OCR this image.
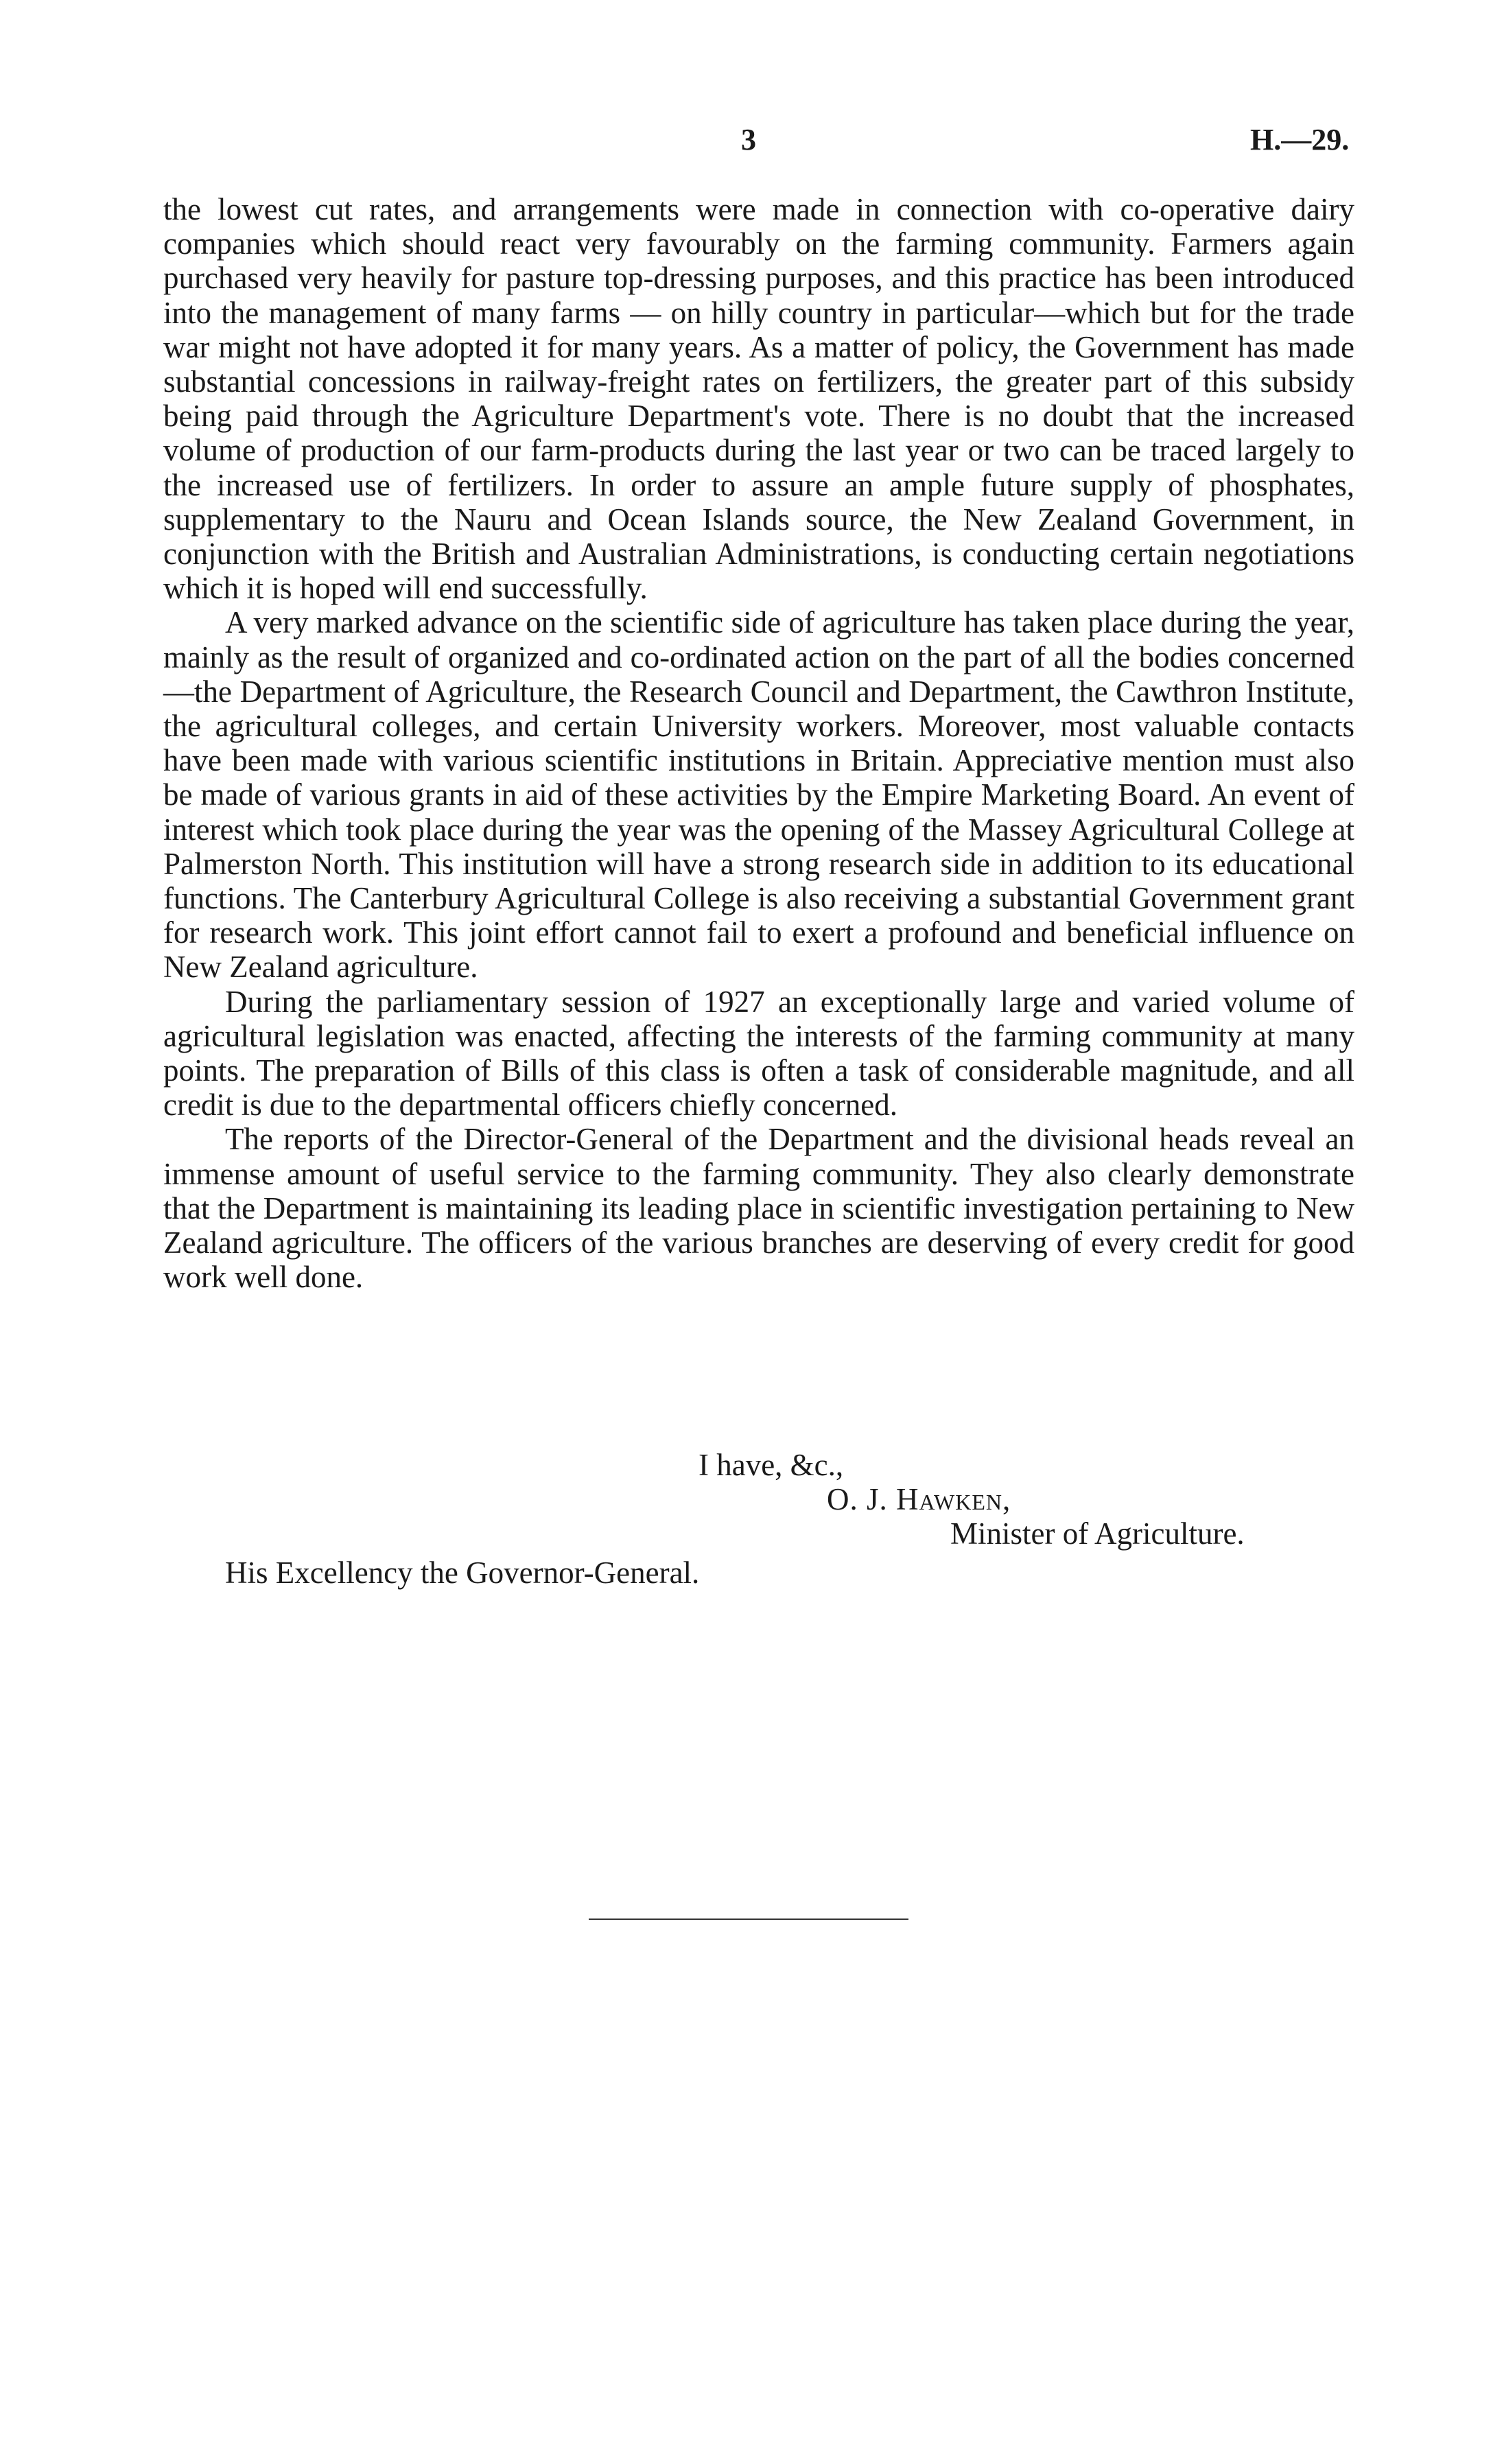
3	H.—29.

the lowest cut rates, and arrangements were made in connection with co-operative dairy companies which should react very favourably on the farming community. Farmers again purchased very heavily for pasture top-dressing purposes, and this practice has been introduced into the management of many farms — on hilly country in particular—which but for the trade war might not have adopted it for many years. As a matter of policy, the Government has made substantial concessions in railway-freight rates on fertilizers, the greater part of this subsidy being paid through the Agriculture Department's vote. There is no doubt that the increased volume of production of our farm-products during the last year or two can be traced largely to the increased use of fertilizers. In order to assure an ample future supply of phosphates, supplementary to the Nauru and Ocean Islands source, the New Zealand Government, in conjunction with the British and Australian Administrations, is conducting certain negotiations which it is hoped will end successfully.

A very marked advance on the scientific side of agriculture has taken place during the year, mainly as the result of organized and co-ordinated action on the part of all the bodies concerned—the Department of Agriculture, the Research Council and Department, the Cawthron Institute, the agricultural colleges, and certain University workers. Moreover, most valuable contacts have been made with various scientific institutions in Britain. Appreciative mention must also be made of various grants in aid of these activities by the Empire Marketing Board. An event of interest which took place during the year was the opening of the Massey Agricultural College at Palmerston North. This institution will have a strong research side in addition to its educational functions. The Canterbury Agricultural College is also receiving a substantial Government grant for research work. This joint effort cannot fail to exert a profound and beneficial influence on New Zealand agriculture.

During the parliamentary session of 1927 an exceptionally large and varied volume of agricultural legislation was enacted, affecting the interests of the farming community at many points. The preparation of Bills of this class is often a task of considerable magnitude, and all credit is due to the departmental officers chiefly concerned.

The reports of the Director-General of the Department and the divisional heads reveal an immense amount of useful service to the farming community. They also clearly demonstrate that the Department is maintaining its leading place in scientific investigation pertaining to New Zealand agriculture. The officers of the various branches are deserving of every credit for good work well done.

I have, &c.,
O. J. Hawken,
Minister of Agriculture.
His Excellency the Governor-General.
